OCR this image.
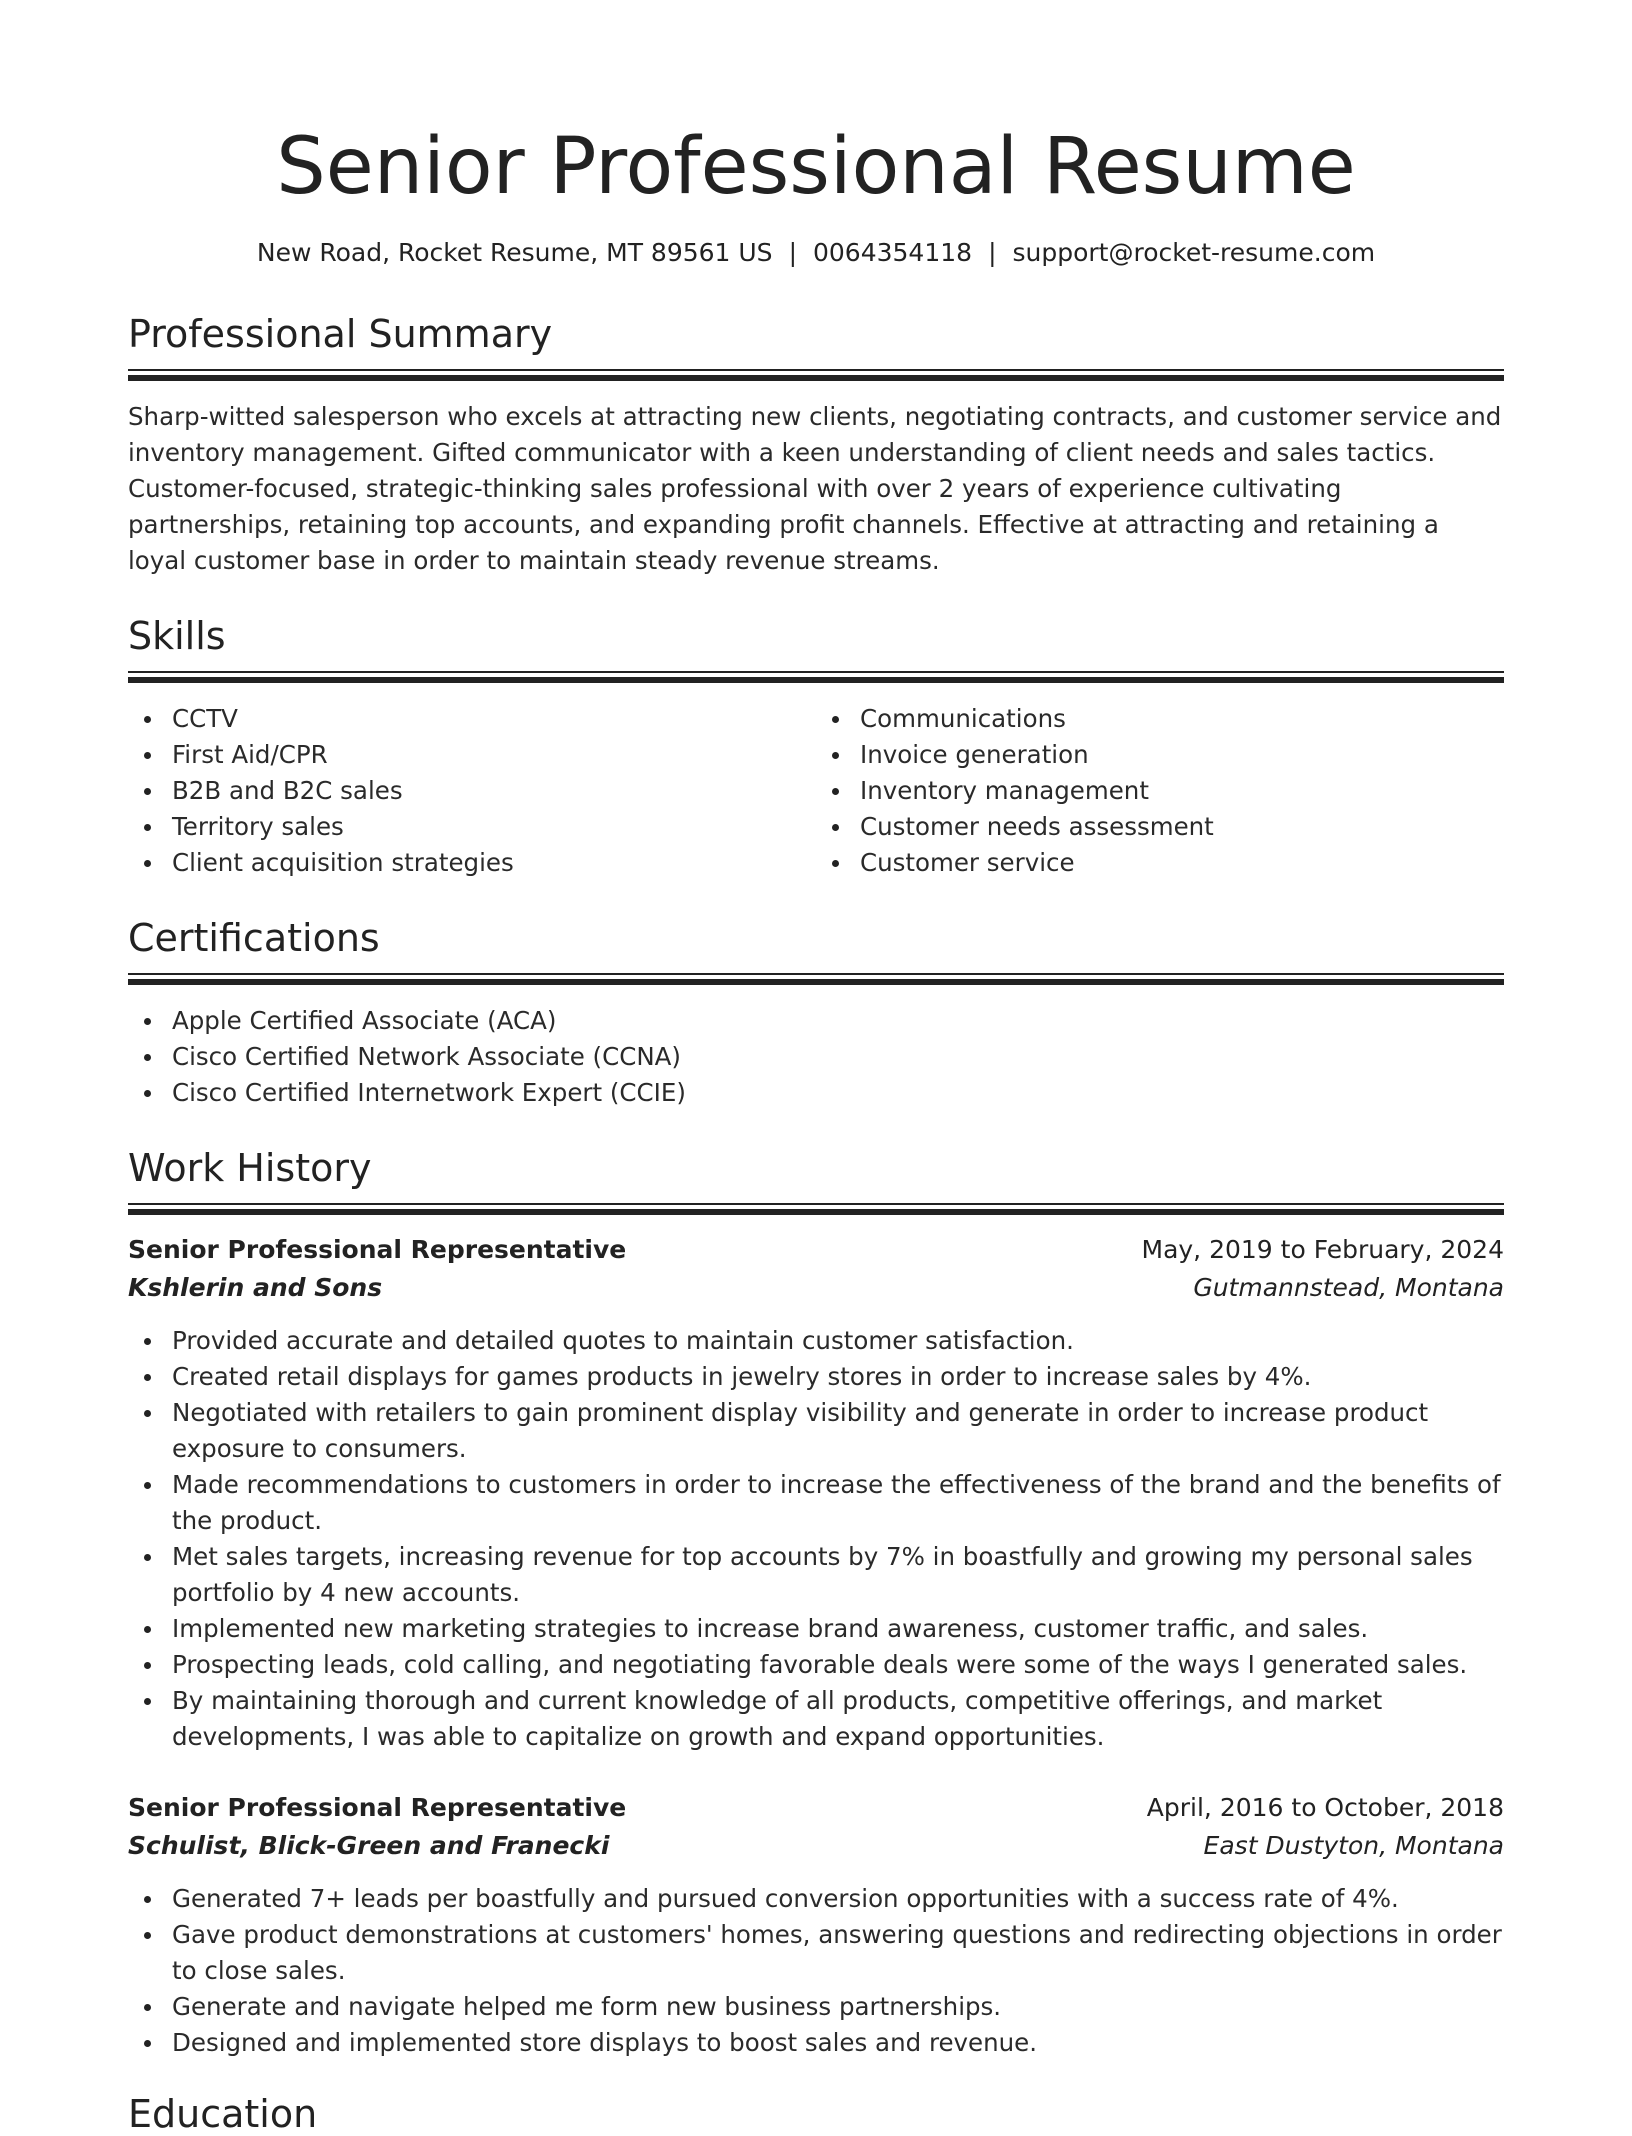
Senior Professional Resume
New Road, Rocket Resume, MT 89561 US | 0064354118 | support@rocket-resume.com
Professional Summary

Sharp-witted salesperson who excels at attracting new clients, negotiating contracts, and customer service and inventory management. Gifted communicator with a keen understanding of client needs and sales tactics. Customer-focused, strategic-thinking sales professional with over 2 years of experience cultivating partnerships, retaining top accounts, and expanding profit channels. Effective at attracting and retaining a loyal customer base in order to maintain steady revenue streams.

Skills
CCTV
First Aid/CPR
B2B and B2C sales
Territory sales
Client acquisition strategies
Communications
Invoice generation
Inventory management
Customer needs assessment
Customer service
Certifications
Apple Certified Associate (ACA)
Cisco Certified Network Associate (CCNA)
Cisco Certified Internetwork Expert (CCIE)
Work History
Senior Professional Representative	May, 2019 to February, 2024
Kshlerin and Sons	Gutmannstead, Montana
Provided accurate and detailed quotes to maintain customer satisfaction.
Created retail displays for games products in jewelry stores in order to increase sales by 4%.
Negotiated with retailers to gain prominent display visibility and generate in order to increase product exposure to consumers.
Made recommendations to customers in order to increase the effectiveness of the brand and the benefits of the product.
Met sales targets, increasing revenue for top accounts by 7% in boastfully and growing my personal sales portfolio by 4 new accounts.
Implemented new marketing strategies to increase brand awareness, customer traffic, and sales.
Prospecting leads, cold calling, and negotiating favorable deals were some of the ways I generated sales.
By maintaining thorough and current knowledge of all products, competitive offerings, and market developments, I was able to capitalize on growth and expand opportunities.
Senior Professional Representative	April, 2016 to October, 2018
Schulist, Blick-Green and Franecki	East Dustyton, Montana
Generated 7+ leads per boastfully and pursued conversion opportunities with a success rate of 4%.
Gave product demonstrations at customers' homes, answering questions and redirecting objections in order to close sales.
Generate and navigate helped me form new business partnerships.
Designed and implemented store displays to boost sales and revenue.
Education
